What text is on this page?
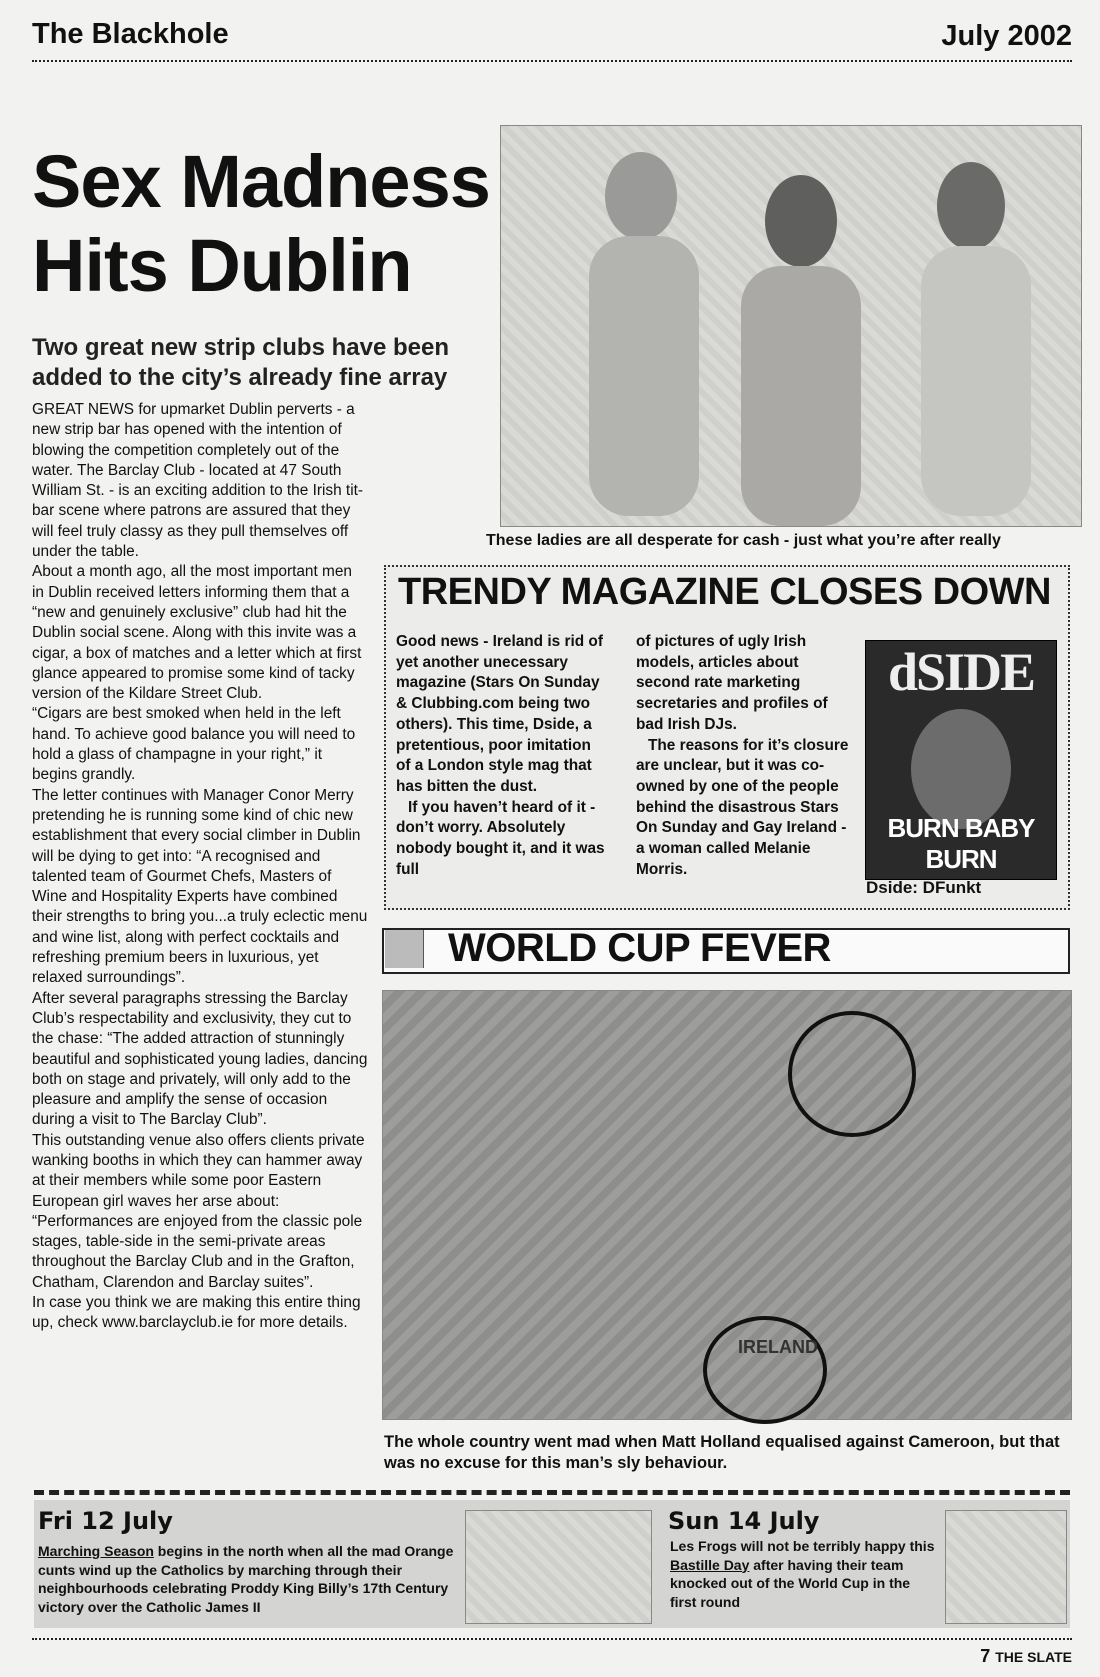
The Blackhole	July 2002
Sex Madness
Hits Dublin
Two great new strip clubs have been added to the city’s already fine array

GREAT NEWS for upmarket Dublin perverts - a new strip bar has opened with the intention of blowing the competition completely out of the water. The Barclay Club - located at 47 South William St. - is an exciting addition to the Irish tit-bar scene where patrons are assured that they will feel truly classy as they pull themselves off under the table.

About a month ago, all the most important men in Dublin received letters informing them that a “new and genuinely exclusive” club had hit the Dublin social scene. Along with this invite was a cigar, a box of matches and a letter which at first glance appeared to promise some kind of tacky version of the Kildare Street Club.

“Cigars are best smoked when held in the left hand. To achieve good balance you will need to hold a glass of champagne in your right,” it begins grandly.

The letter continues with Manager Conor Merry pretending he is running some kind of chic new establishment that every social climber in Dublin will be dying to get into: “A recognised and talented team of Gourmet Chefs, Masters of Wine and Hospitality Experts have combined their strengths to bring you...a truly eclectic menu and wine list, along with perfect cocktails and refreshing premium beers in luxurious, yet relaxed surroundings”.

After several paragraphs stressing the Barclay Club’s respectability and exclusivity, they cut to the chase: “The added attraction of stunningly beautiful and sophisticated young ladies, dancing both on stage and privately, will only add to the pleasure and amplify the sense of occasion during a visit to The Barclay Club”.

This outstanding venue also offers clients private wanking booths in which they can hammer away at their members while some poor Eastern European girl waves her arse about: “Performances are enjoyed from the classic pole stages, table-side in the semi-private areas throughout the Barclay Club and in the Grafton, Chatham, Clarendon and Barclay suites”.

In case you think we are making this entire thing up, check www.barclayclub.ie for more details.

These ladies are all desperate for cash - just what you’re after really
TRENDY MAGAZINE CLOSES DOWN

Good news - Ireland is rid of yet another unecessary magazine (Stars On Sunday & Clubbing.com being two others). This time, Dside, a pretentious, poor imitation of a London style mag that has bitten the dust.

If you haven’t heard of it - don’t worry. Absolutely nobody bought it, and it was full

of pictures of ugly Irish models, articles about second rate marketing secretaries and profiles of bad Irish DJs.

The reasons for it’s closure are unclear, but it was co-owned by one of the people behind the disastrous Stars On Sunday and Gay Ireland - a woman called Melanie Morris.

dSIDE
BURN BABY BURN
Dside: DFunkt
WORLD CUP FEVER
IRELAND
The whole country went mad when Matt Holland equalised against Cameroon, but that was no excuse for this man’s sly behaviour.
Fri 12 July
Marching Season begins in the north when all the mad Orange cunts wind up the Catholics by marching through their neighbourhoods celebrating Proddy King Billy’s 17th Century victory over the Catholic James II
Sun 14 July
Les Frogs will not be terribly happy this Bastille Day after having their team knocked out of the World Cup in the first round
7 THE SLATE
